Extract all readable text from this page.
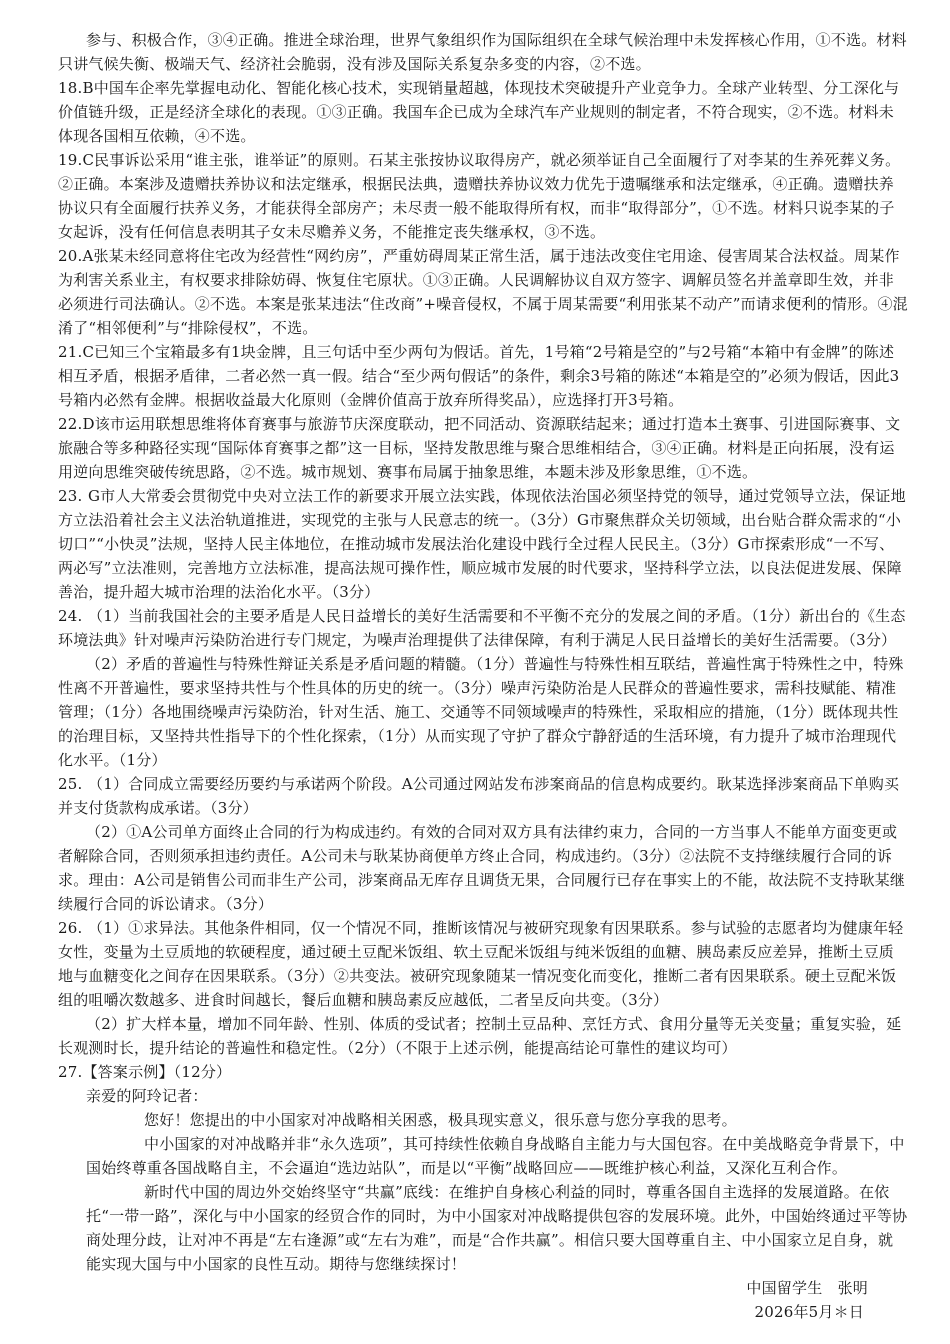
参与、积极合作，③④正确。推进全球治理，世界气象组织作为国际组织在全球气候治理中未发挥核心作用，①不选。材料只讲气候失衡、极端天气、经济社会脆弱，没有涉及国际关系复杂多变的内容，②不选。

18.B中国车企率先掌握电动化、智能化核心技术，实现销量超越，体现技术突破提升产业竞争力。全球产业转型、分工深化与价值链升级，正是经济全球化的表现。①③正确。我国车企已成为全球汽车产业规则的制定者，不符合现实，②不选。材料未体现各国相互依赖，④不选。

19.C民事诉讼采用“谁主张，谁举证”的原则。石某主张按协议取得房产，就必须举证自己全面履行了对李某的生养死葬义务。②正确。本案涉及遗赠扶养协议和法定继承，根据民法典，遗赠扶养协议效力优先于遗嘱继承和法定继承，④正确。遗赠扶养协议只有全面履行扶养义务，才能获得全部房产；未尽责一般不能取得所有权，而非“取得部分”，①不选。材料只说李某的子女起诉，没有任何信息表明其子女未尽赡养义务，不能推定丧失继承权，③不选。

20.A张某未经同意将住宅改为经营性“网约房”，严重妨碍周某正常生活，属于违法改变住宅用途、侵害周某合法权益。周某作为利害关系业主，有权要求排除妨碍、恢复住宅原状。①③正确。人民调解协议自双方签字、调解员签名并盖章即生效，并非必须进行司法确认。②不选。本案是张某违法“住改商”+噪音侵权，不属于周某需要“利用张某不动产”而请求便利的情形。④混淆了“相邻便利”与“排除侵权”，不选。

21.C已知三个宝箱最多有1块金牌，且三句话中至少两句为假话。首先，1号箱“2号箱是空的”与2号箱“本箱中有金牌”的陈述相互矛盾，根据矛盾律，二者必然一真一假。结合“至少两句假话”的条件，剩余3号箱的陈述“本箱是空的”必须为假话，因此3号箱内必然有金牌。根据收益最大化原则（金牌价值高于放弃所得奖品），应选择打开3号箱。

22.D该市运用联想思维将体育赛事与旅游节庆深度联动，把不同活动、资源联结起来；通过打造本土赛事、引进国际赛事、文旅融合等多种路径实现“国际体育赛事之都”这一目标，坚持发散思维与聚合思维相结合，③④正确。材料是正向拓展，没有运用逆向思维突破传统思路，②不选。城市规划、赛事布局属于抽象思维，本题未涉及形象思维，①不选。

23. G市人大常委会贯彻党中央对立法工作的新要求开展立法实践，体现依法治国必须坚持党的领导，通过党领导立法，保证地方立法沿着社会主义法治轨道推进，实现党的主张与人民意志的统一。（3分）G市聚焦群众关切领域，出台贴合群众需求的“小切口”“小快灵”法规，坚持人民主体地位，在推动城市发展法治化建设中践行全过程人民民主。（3分）G市探索形成“一不写、两必写”立法准则，完善地方立法标准，提高法规可操作性，顺应城市发展的时代要求，坚持科学立法，以良法促进发展、保障善治，提升超大城市治理的法治化水平。（3分）

24. （1）当前我国社会的主要矛盾是人民日益增长的美好生活需要和不平衡不充分的发展之间的矛盾。（1分）新出台的《生态环境法典》针对噪声污染防治进行专门规定，为噪声治理提供了法律保障，有利于满足人民日益增长的美好生活需要。（3分）

（2）矛盾的普遍性与特殊性辩证关系是矛盾问题的精髓。（1分）普遍性与特殊性相互联结，普遍性寓于特殊性之中，特殊性离不开普遍性，要求坚持共性与个性具体的历史的统一。（3分）噪声污染防治是人民群众的普遍性要求，需科技赋能、精准管理；（1分）各地围绕噪声污染防治，针对生活、施工、交通等不同领域噪声的特殊性，采取相应的措施，（1分）既体现共性的治理目标，又坚持共性指导下的个性化探索，（1分）从而实现了守护了群众宁静舒适的生活环境，有力提升了城市治理现代化水平。（1分）

25. （1）合同成立需要经历要约与承诺两个阶段。A公司通过网站发布涉案商品的信息构成要约。耿某选择涉案商品下单购买并支付货款构成承诺。（3分）

（2）①A公司单方面终止合同的行为构成违约。有效的合同对双方具有法律约束力，合同的一方当事人不能单方面变更或者解除合同，否则须承担违约责任。A公司未与耿某协商便单方终止合同，构成违约。（3分）②法院不支持继续履行合同的诉求。理由：A公司是销售公司而非生产公司，涉案商品无库存且调货无果，合同履行已存在事实上的不能，故法院不支持耿某继续履行合同的诉讼请求。（3分）

26. （1）①求异法。其他条件相同，仅一个情况不同，推断该情况与被研究现象有因果联系。参与试验的志愿者均为健康年轻女性，变量为土豆质地的软硬程度，通过硬土豆配米饭组、软土豆配米饭组与纯米饭组的血糖、胰岛素反应差异，推断土豆质地与血糖变化之间存在因果联系。（3分）②共变法。被研究现象随某一情况变化而变化，推断二者有因果联系。硬土豆配米饭组的咀嚼次数越多、进食时间越长，餐后血糖和胰岛素反应越低，二者呈反向共变。（3分）

（2）扩大样本量，增加不同年龄、性别、体质的受试者；控制土豆品种、烹饪方式、食用分量等无关变量；重复实验，延长观测时长，提升结论的普遍性和稳定性。（2分）（不限于上述示例，能提高结论可靠性的建议均可）

27.【答案示例】（12分）

亲爱的阿玲记者：

您好！您提出的中小国家对冲战略相关困惑，极具现实意义，很乐意与您分享我的思考。

中小国家的对冲战略并非“永久选项”，其可持续性依赖自身战略自主能力与大国包容。在中美战略竞争背景下，中国始终尊重各国战略自主，不会逼迫“选边站队”，而是以“平衡”战略回应——既维护核心利益，又深化互利合作。

新时代中国的周边外交始终坚守“共赢”底线：在维护自身核心利益的同时，尊重各国自主选择的发展道路。在依托“一带一路”，深化与中小国家的经贸合作的同时，为中小国家对冲战略提供包容的发展环境。此外，中国始终通过平等协商处理分歧，让对冲不再是“左右逢源”或“左右为难”，而是“合作共赢”。相信只要大国尊重自主、中小国家立足自身，就能实现大国与中小国家的良性互动。期待与您继续探讨！

中国留学生　张明

2026年5月＊日
